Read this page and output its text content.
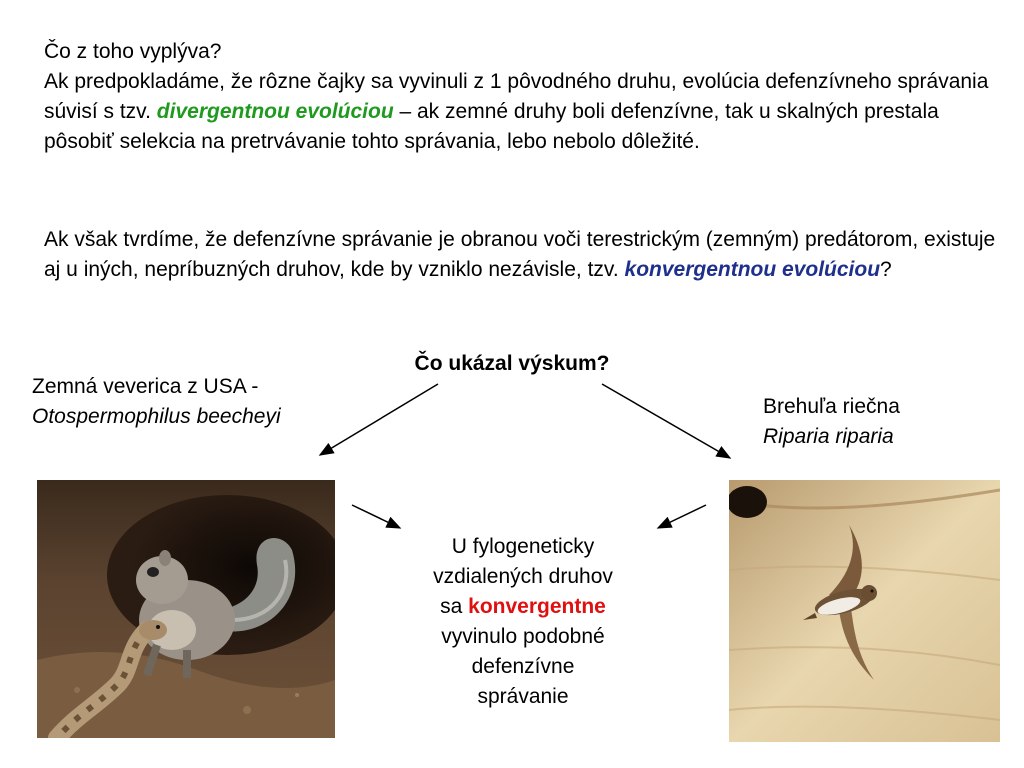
Čo z toho vyplýva?
Ak predpokladáme, že rôzne čajky sa vyvinuli z 1 pôvodného druhu, evolúcia defenzívneho správania súvisí s tzv. divergentnou evolúciou – ak zemné druhy boli defenzívne, tak u skalných prestala pôsobiť selekcia na pretrvávanie tohto správania, lebo nebolo dôležité.
Ak však tvrdíme, že defenzívne správanie je obranou voči terestrickým (zemným) predátorom, existuje aj u iných, nepríbuzných druhov, kde by vzniklo nezávisle, tzv. konvergentnou evolúciou?
Čo ukázal výskum?
Zemná veverica z USA -
Otospermophilus beecheyi	Brehuľa riečna
Riparia riparia
U fylogeneticky
vzdialených druhov
sa konvergentne
vyvinulo podobné
defenzívne
správanie
